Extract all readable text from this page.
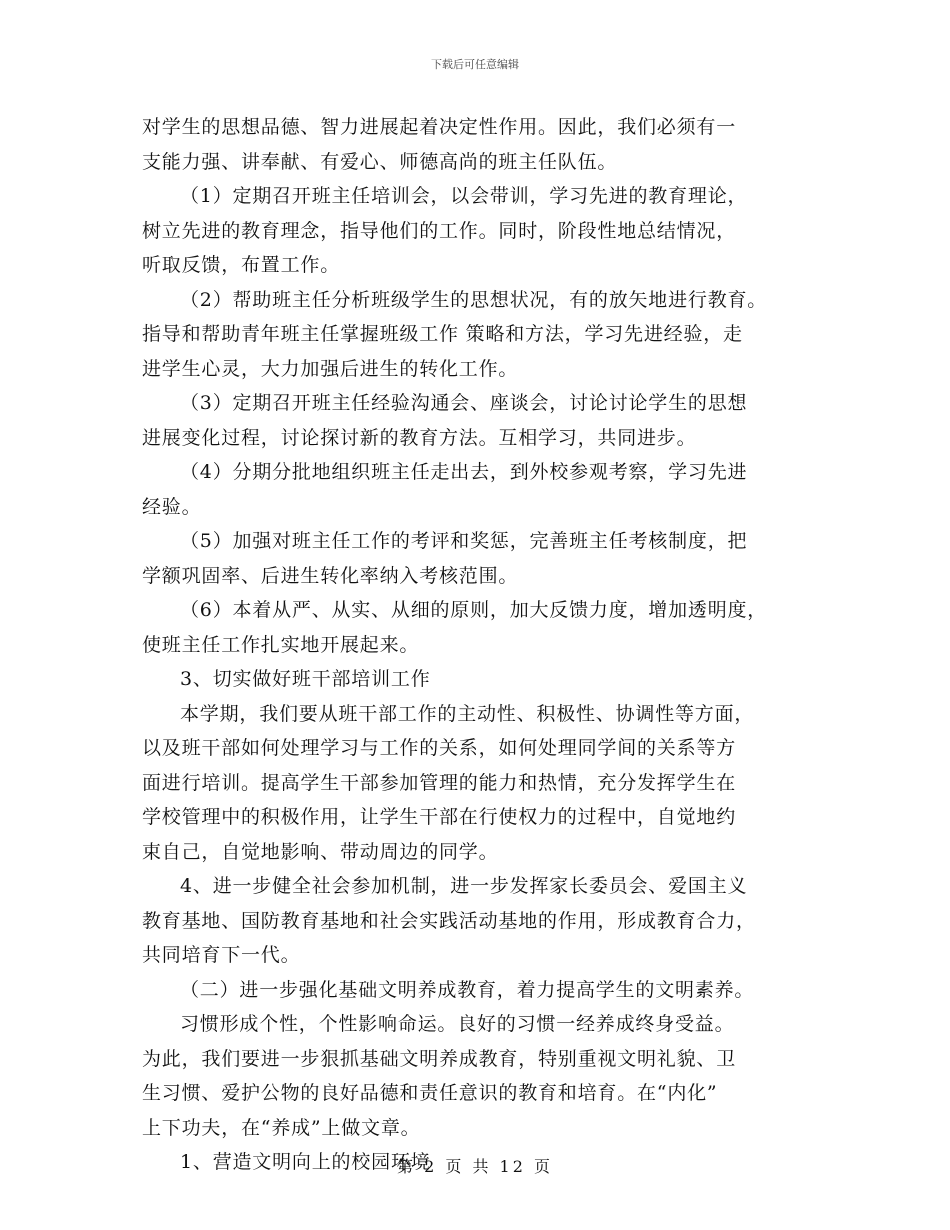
下载后可任意编辑
对学生的思想品德、智力进展起着决定性作用。因此，我们必须有一
支能力强、讲奉献、有爱心、师德高尚的班主任队伍。
（1）定期召开班主任培训会，以会带训，学习先进的教育理论，
树立先进的教育理念，指导他们的工作。同时，阶段性地总结情况，
听取反馈，布置工作。
（2）帮助班主任分析班级学生的思想状况，有的放矢地进行教育。
指导和帮助青年班主任掌握班级工作 策略和方法，学习先进经验，走
进学生心灵，大力加强后进生的转化工作。
（3）定期召开班主任经验沟通会、座谈会，讨论讨论学生的思想
进展变化过程，讨论探讨新的教育方法。互相学习，共同进步。
（4）分期分批地组织班主任走出去，到外校参观考察，学习先进
经验。
（5）加强对班主任工作的考评和奖惩，完善班主任考核制度，把
学额巩固率、后进生转化率纳入考核范围。
（6）本着从严、从实、从细的原则，加大反馈力度，增加透明度，
使班主任工作扎实地开展起来。
3、切实做好班干部培训工作
本学期，我们要从班干部工作的主动性、积极性、协调性等方面，
以及班干部如何处理学习与工作的关系，如何处理同学间的关系等方
面进行培训。提高学生干部参加管理的能力和热情，充分发挥学生在
学校管理中的积极作用，让学生干部在行使权力的过程中，自觉地约
束自己，自觉地影响、带动周边的同学。
4、进一步健全社会参加机制，进一步发挥家长委员会、爱国主义
教育基地、国防教育基地和社会实践活动基地的作用，形成教育合力，
共同培育下一代。
（二）进一步强化基础文明养成教育，着力提高学生的文明素养。
习惯形成个性，个性影响命运。良好的习惯一经养成终身受益。
为此，我们要进一步狠抓基础文明养成教育，特别重视文明礼貌、卫
生习惯、爱护公物的良好品德和责任意识的教育和培育。在“内化”
上下功夫，在“养成”上做文章。
1、营造文明向上的校园环境
第 2 页 共 12 页
